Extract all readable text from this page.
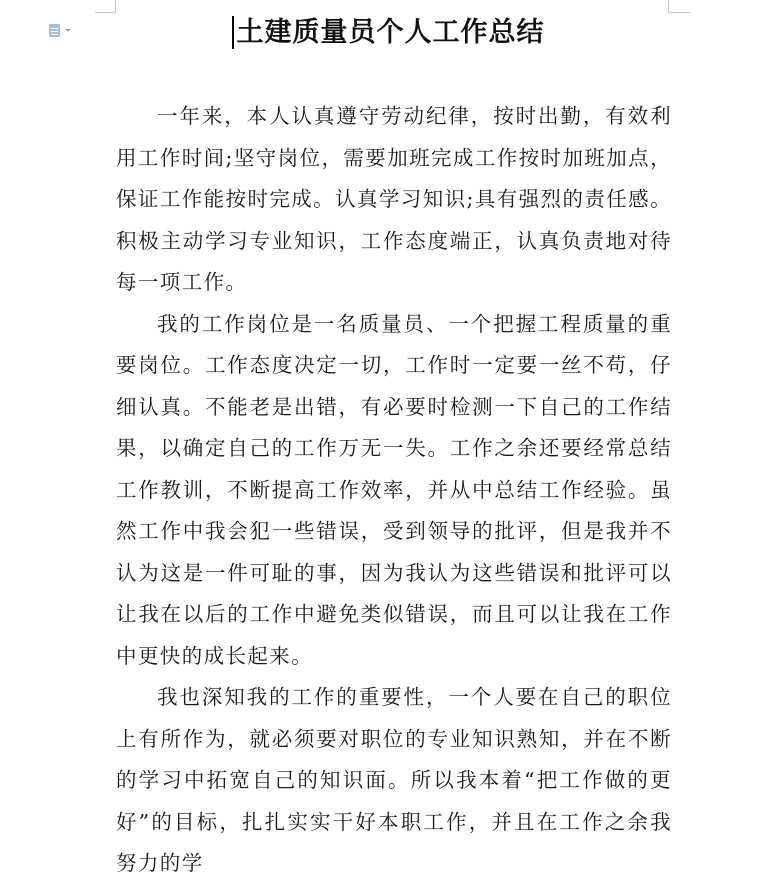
土建质量员个人工作总结

一年来，本人认真遵守劳动纪律，按时出勤，有效利用工作时间;坚守岗位，需要加班完成工作按时加班加点，保证工作能按时完成。认真学习知识;具有强烈的责任感。积极主动学习专业知识，工作态度端正，认真负责地对待每一项工作。

我的工作岗位是一名质量员、一个把握工程质量的重要岗位。工作态度决定一切，工作时一定要一丝不苟，仔细认真。不能老是出错，有必要时检测一下自己的工作结果，以确定自己的工作万无一失。工作之余还要经常总结工作教训，不断提高工作效率，并从中总结工作经验。虽然工作中我会犯一些错误，受到领导的批评，但是我并不认为这是一件可耻的事，因为我认为这些错误和批评可以让我在以后的工作中避免类似错误，而且可以让我在工作中更快的成长起来。

我也深知我的工作的重要性，一个人要在自己的职位上有所作为，就必须要对职位的专业知识熟知，并在不断的学习中拓宽自己的知识面。所以我本着“把工作做的更好”的目标，扎扎实实干好本职工作，并且在工作之余我努力的学
